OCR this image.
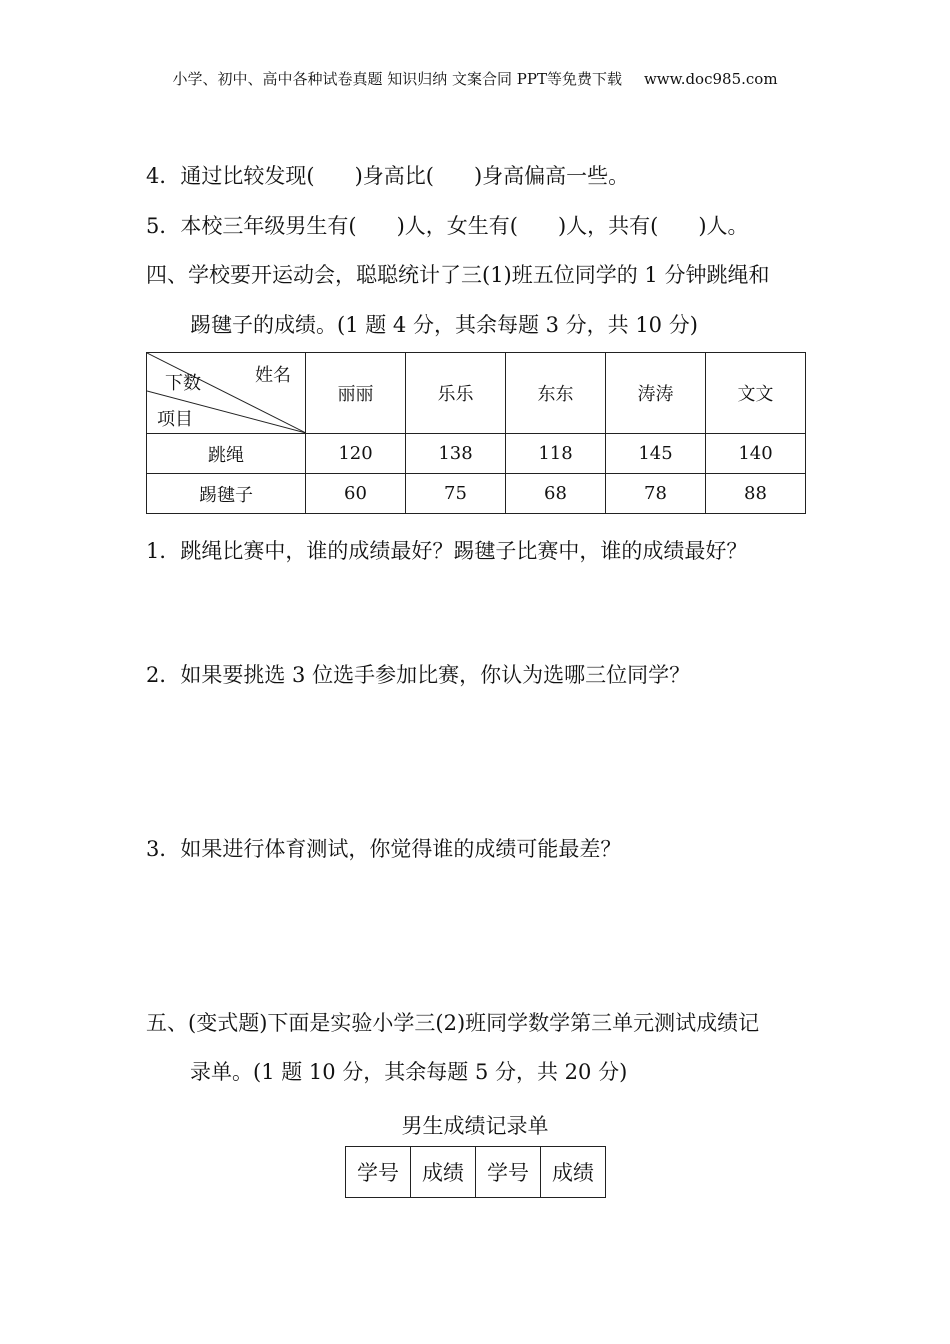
小学、初中、高中各种试卷真题 知识归纳 文案合同 PPT等免费下载 www.doc985.com
4．通过比较发现( )身高比( )身高偏高一些。
5．本校三年级男生有( )人，女生有( )人，共有( )人。
四、学校要开运动会，聪聪统计了三(1)班五位同学的 1 分钟跳绳和
踢毽子的成绩。(1 题 4 分，其余每题 3 分，共 10 分)
姓名
下数
项目	丽丽	乐乐	东东	涛涛	文文
跳绳	120	138	118	145	140
踢毽子	60	75	68	78	88
1．跳绳比赛中，谁的成绩最好？踢毽子比赛中，谁的成绩最好？
2．如果要挑选 3 位选手参加比赛，你认为选哪三位同学？
3．如果进行体育测试，你觉得谁的成绩可能最差？
五、(变式题)下面是实验小学三(2)班同学数学第三单元测试成绩记
录单。(1 题 10 分，其余每题 5 分，共 20 分)
男生成绩记录单
学号	成绩	学号	成绩
